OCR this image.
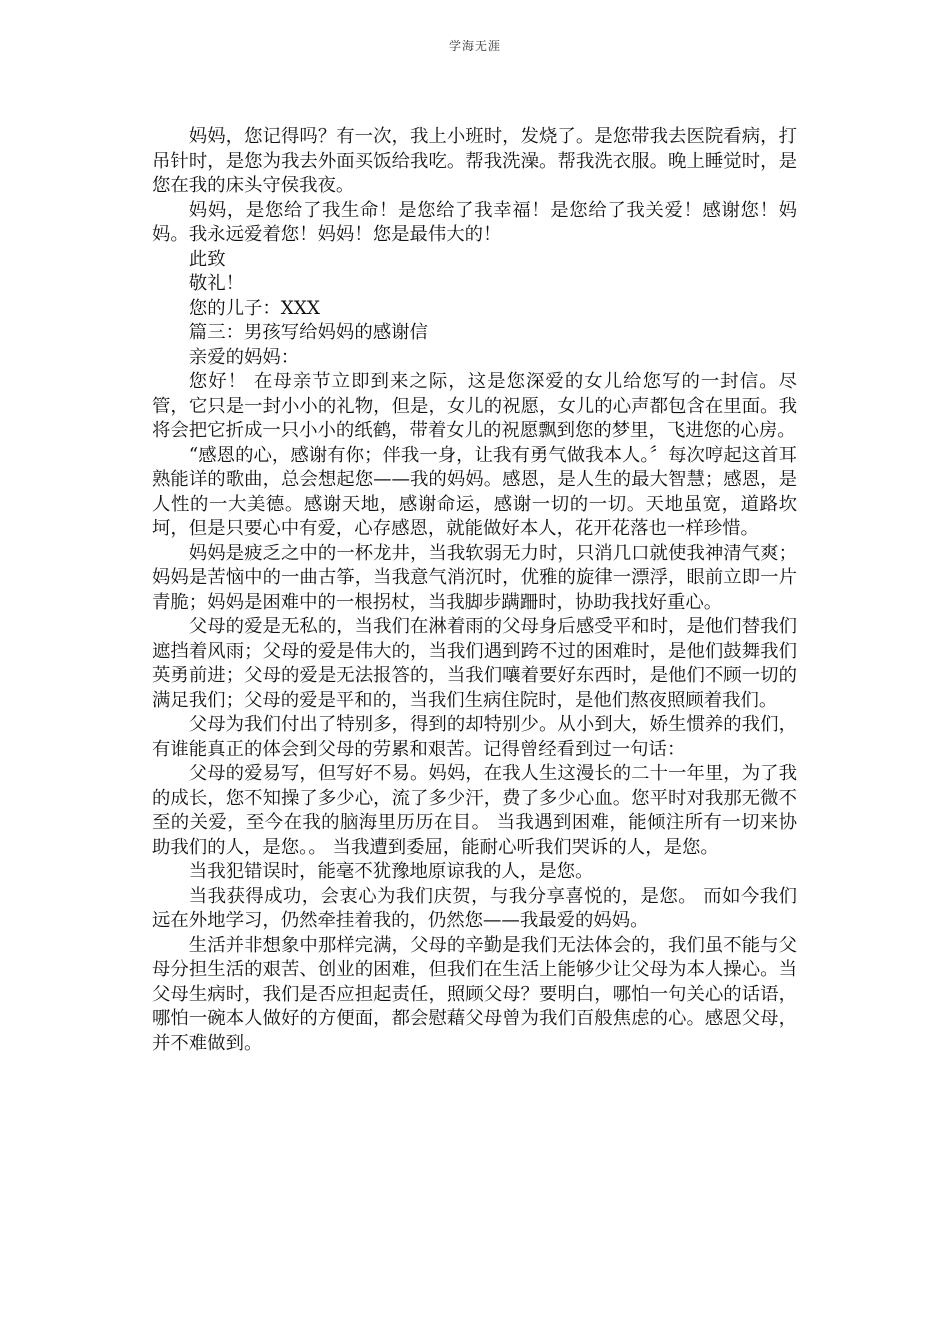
学海无涯

妈妈，您记得吗？有一次，我上小班时，发烧了。是您带我去医院看病，打吊针时，是您为我去外面买饭给我吃。帮我洗澡。帮我洗衣服。晚上睡觉时，是您在我的床头守侯我夜。

妈妈，是您给了我生命！是您给了我幸福！是您给了我关爱！感谢您！妈妈。我永远爱着您！妈妈！您是最伟大的！

此致

敬礼！

您的儿子：XXX

篇三：男孩写给妈妈的感谢信

亲爱的妈妈：

您好！ 在母亲节立即到来之际，这是您深爱的女儿给您写的一封信。尽管，它只是一封小小的礼物，但是，女儿的祝愿，女儿的心声都包含在里面。我将会把它折成一只小小的纸鹤，带着女儿的祝愿飘到您的梦里，飞进您的心房。

“感恩的心，感谢有你；伴我一身，让我有勇气做我本人。〞每次哼起这首耳熟能详的歌曲，总会想起您——我的妈妈。感恩，是人生的最大智慧；感恩，是人性的一大美德。感谢天地，感谢命运，感谢一切的一切。天地虽宽，道路坎坷，但是只要心中有爱，心存感恩，就能做好本人，花开花落也一样珍惜。

妈妈是疲乏之中的一杯龙井，当我软弱无力时，只消几口就使我神清气爽；妈妈是苦恼中的一曲古筝，当我意气消沉时，优雅的旋律一漂浮，眼前立即一片青脆；妈妈是困难中的一根拐杖，当我脚步蹒跚时，协助我找好重心。

父母的爱是无私的，当我们在淋着雨的父母身后感受平和时，是他们替我们遮挡着风雨；父母的爱是伟大的，当我们遇到跨不过的困难时，是他们鼓舞我们英勇前进；父母的爱是无法报答的，当我们嚷着要好东西时，是他们不顾一切的满足我们；父母的爱是平和的，当我们生病住院时，是他们熬夜照顾着我们。

父母为我们付出了特别多，得到的却特别少。从小到大，娇生惯养的我们，有谁能真正的体会到父母的劳累和艰苦。记得曾经看到过一句话：

父母的爱易写，但写好不易。妈妈，在我人生这漫长的二十一年里，为了我的成长，您不知操了多少心，流了多少汗，费了多少心血。您平时对我那无微不至的关爱，至今在我的脑海里历历在目。 当我遇到困难，能倾注所有一切来协助我们的人，是您。。 当我遭到委屈，能耐心听我们哭诉的人，是您。

当我犯错误时，能毫不犹豫地原谅我的人，是您。

当我获得成功，会衷心为我们庆贺，与我分享喜悦的，是您。 而如今我们远在外地学习，仍然牵挂着我的，仍然您——我最爱的妈妈。

生活并非想象中那样完满，父母的辛勤是我们无法体会的，我们虽不能与父母分担生活的艰苦、创业的困难，但我们在生活上能够少让父母为本人操心。当父母生病时，我们是否应担起责任，照顾父母？要明白，哪怕一句关心的话语，哪怕一碗本人做好的方便面，都会慰藉父母曾为我们百般焦虑的心。感恩父母，并不难做到。
